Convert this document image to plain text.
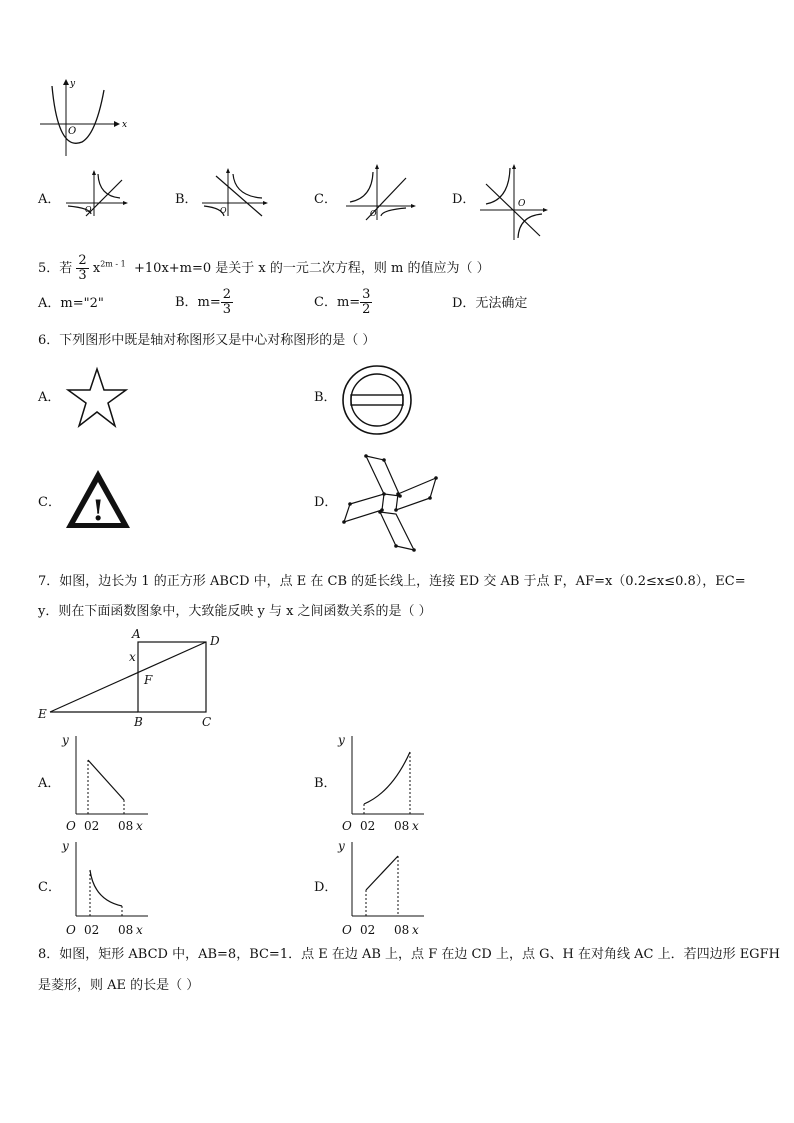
y
x
O
A．
O
B．
O
C．
O
D．	O
5．若 $\frac{2}{3} x^{2m - 1} +10x+m=0$ 是关于 x 的一元二次方程，则 m 的值应为（ ）
A．m="2"	B．$m= \frac{2}{3}$	C．$m= \frac{3}{2}$	D．无法确定
6．下列图形中既是轴对称图形又是中心对称图形的是（ ）
A．	B．
C． !	D．
7．如图，边长为 1 的正方形 ABCD 中，点 E 在 CB 的延长线上，连接 ED 交 AB 于点 F，AF=x（0.2≤x≤0.8），EC=
y．则在下面函数图象中，大致能反映 y 与 x 之间函数关系的是（ ）
A	D
x
F
E
B	C
A．
y
O 02 08 x
B．
y
O 02 08 x
C．
y
O 02 08 x
D．
y
O 02 08 x
8．如图，矩形 ABCD 中，AB=8，BC=1．点 E 在边 AB 上，点 F 在边 CD 上，点 G、H 在对角线 AC 上．若四边形 EGFH
是菱形，则 AE 的长是（ ）
